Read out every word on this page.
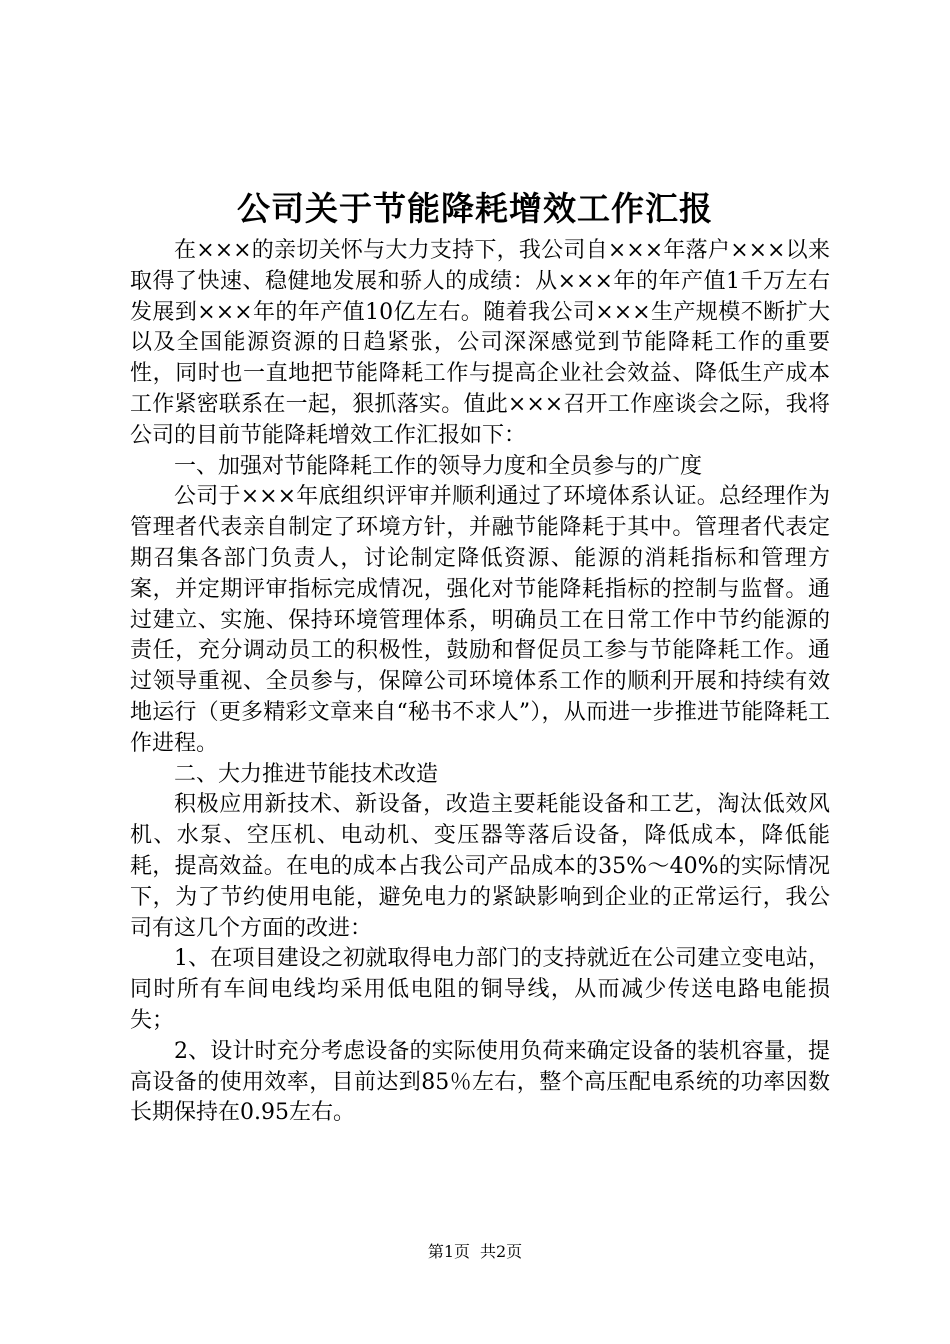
公司关于节能降耗增效工作汇报

在×××的亲切关怀与大力支持下，我公司自×××年落户×××以来取得了快速、稳健地发展和骄人的成绩：从×××年的年产值1千万左右发展到×××年的年产值10亿左右。随着我公司×××生产规模不断扩大以及全国能源资源的日趋紧张，公司深深感觉到节能降耗工作的重要性，同时也一直地把节能降耗工作与提高企业社会效益、降低生产成本工作紧密联系在一起，狠抓落实。值此×××召开工作座谈会之际，我将公司的目前节能降耗增效工作汇报如下：

一、加强对节能降耗工作的领导力度和全员参与的广度

公司于×××年底组织评审并顺利通过了环境体系认证。总经理作为管理者代表亲自制定了环境方针，并融节能降耗于其中。管理者代表定期召集各部门负责人，讨论制定降低资源、能源的消耗指标和管理方案，并定期评审指标完成情况，强化对节能降耗指标的控制与监督。通过建立、实施、保持环境管理体系，明确员工在日常工作中节约能源的责任，充分调动员工的积极性，鼓励和督促员工参与节能降耗工作。通过领导重视、全员参与，保障公司环境体系工作的顺利开展和持续有效地运行（更多精彩文章来自“秘书不求人”），从而进一步推进节能降耗工作进程。

二、大力推进节能技术改造

积极应用新技术、新设备，改造主要耗能设备和工艺，淘汰低效风机、水泵、空压机、电动机、变压器等落后设备，降低成本，降低能耗，提高效益。在电的成本占我公司产品成本的35%～40%的实际情况下，为了节约使用电能，避免电力的紧缺影响到企业的正常运行，我公司有这几个方面的改进：

1、在项目建设之初就取得电力部门的支持就近在公司建立变电站，同时所有车间电线均采用低电阻的铜导线，从而减少传送电路电能损失；

2、设计时充分考虑设备的实际使用负荷来确定设备的装机容量，提高设备的使用效率，目前达到85％左右，整个高压配电系统的功率因数长期保持在0.95左右。

第1页 共2页
